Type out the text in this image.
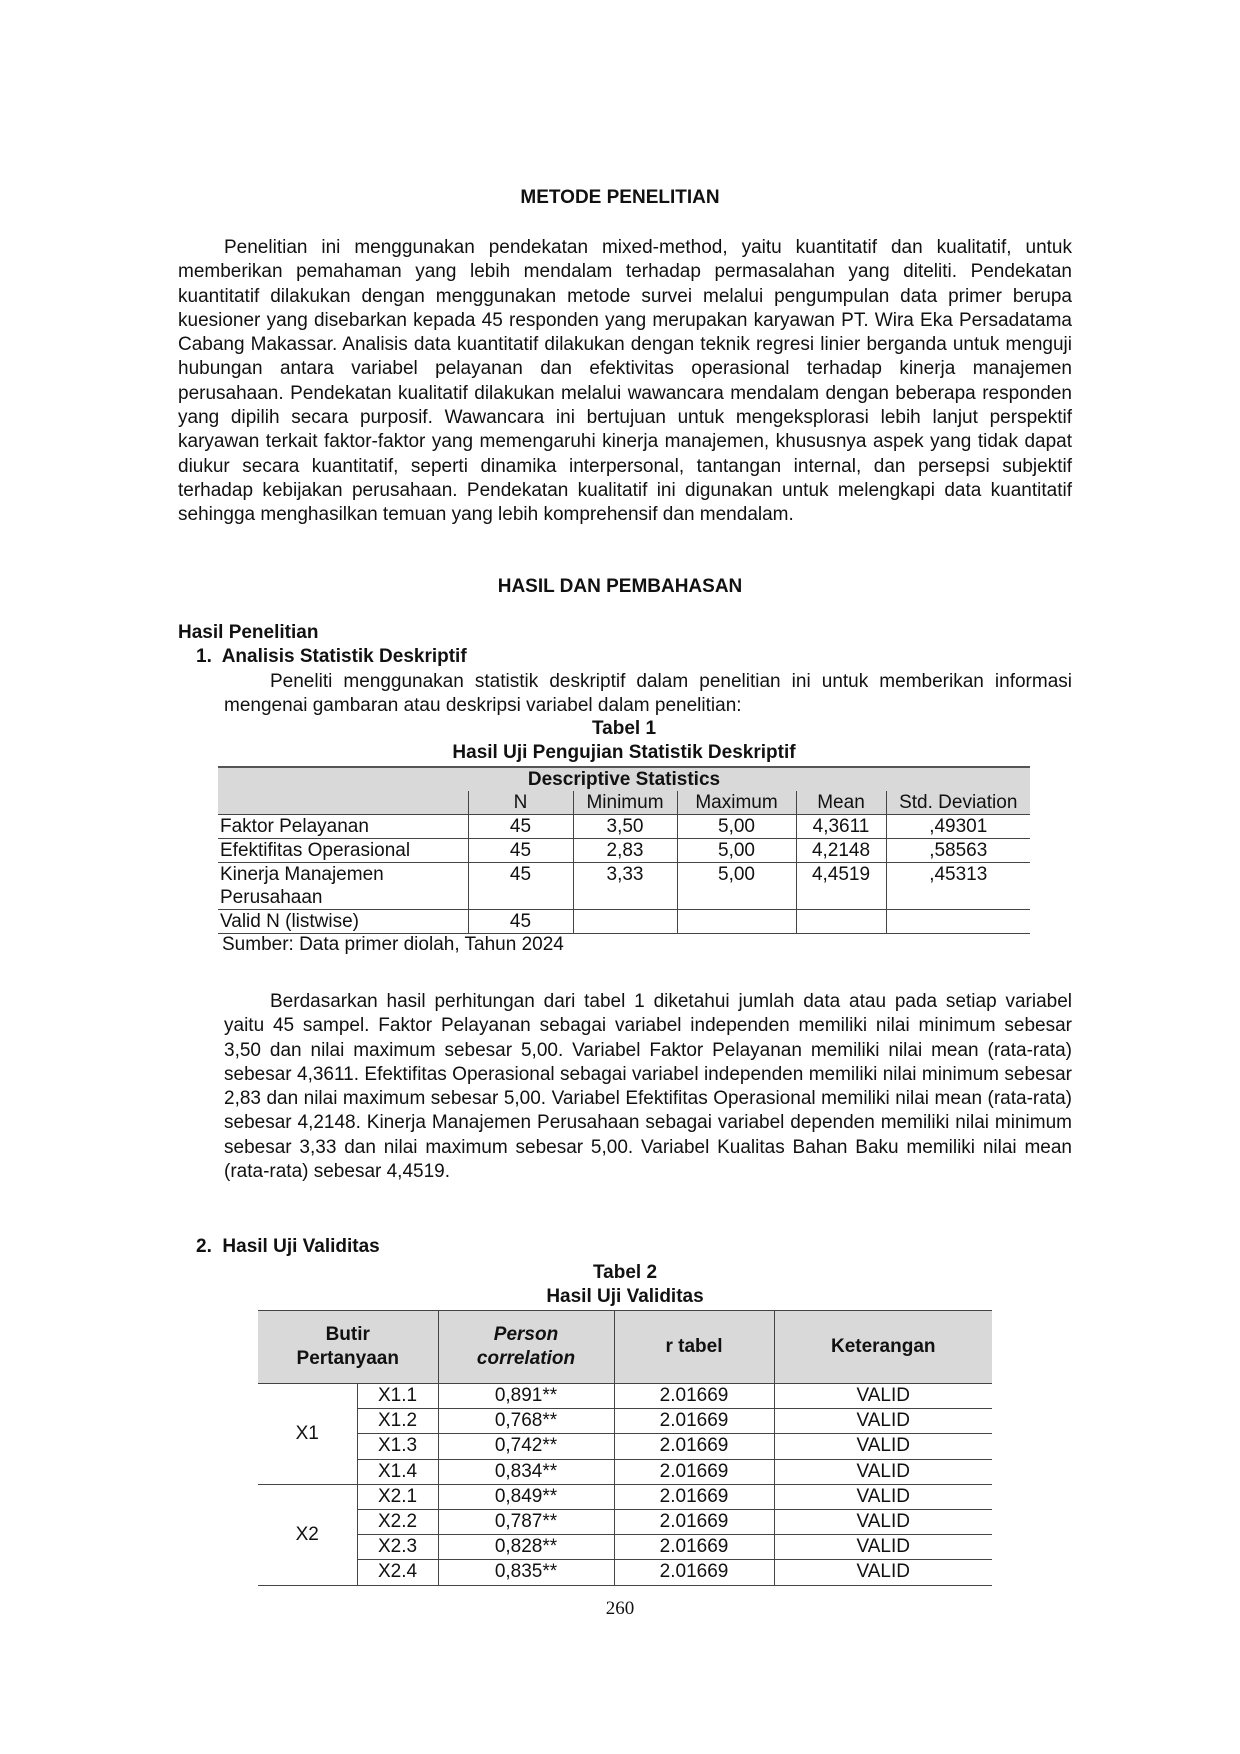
METODE PENELITIAN

Penelitian ini menggunakan pendekatan mixed-method, yaitu kuantitatif dan kualitatif, untuk memberikan pemahaman yang lebih mendalam terhadap permasalahan yang diteliti. Pendekatan kuantitatif dilakukan dengan menggunakan metode survei melalui pengumpulan data primer berupa kuesioner yang disebarkan kepada 45 responden yang merupakan karyawan PT. Wira Eka Persadatama Cabang Makassar. Analisis data kuantitatif dilakukan dengan teknik regresi linier berganda untuk menguji hubungan antara variabel pelayanan dan efektivitas operasional terhadap kinerja manajemen perusahaan. Pendekatan kualitatif dilakukan melalui wawancara mendalam dengan beberapa responden yang dipilih secara purposif. Wawancara ini bertujuan untuk mengeksplorasi lebih lanjut perspektif karyawan terkait faktor-faktor yang memengaruhi kinerja manajemen, khususnya aspek yang tidak dapat diukur secara kuantitatif, seperti dinamika interpersonal, tantangan internal, dan persepsi subjektif terhadap kebijakan perusahaan. Pendekatan kualitatif ini digunakan untuk melengkapi data kuantitatif sehingga menghasilkan temuan yang lebih komprehensif dan mendalam.

HASIL DAN PEMBAHASAN
Hasil Penelitian
1.  Analisis Statistik Deskriptif

Peneliti menggunakan statistik deskriptif dalam penelitian ini untuk memberikan informasi mengenai gambaran atau deskripsi variabel dalam penelitian:

Tabel 1
Hasil Uji Pengujian Statistik Deskriptif
Descriptive Statistics					
	N	Minimum	Maximum	Mean	Std. Deviation
Faktor Pelayanan	45	3,50	5,00	4,3611	,49301
Efektifitas Operasional	45	2,83	5,00	4,2148	,58563
Kinerja Manajemen Perusahaan	45	3,33	5,00	4,4519	,45313
Valid N (listwise)	45				
Sumber: Data primer diolah, Tahun 2024

Berdasarkan hasil perhitungan dari tabel 1 diketahui jumlah data atau pada setiap variabel yaitu 45 sampel. Faktor Pelayanan sebagai variabel independen memiliki nilai minimum sebesar 3,50 dan nilai maximum sebesar 5,00. Variabel Faktor Pelayanan memiliki nilai mean (rata-rata) sebesar 4,3611. Efektifitas Operasional sebagai variabel independen memiliki nilai minimum sebesar 2,83 dan nilai maximum sebesar 5,00. Variabel Efektifitas Operasional memiliki nilai mean (rata-rata) sebesar 4,2148. Kinerja Manajemen Perusahaan sebagai variabel dependen memiliki nilai minimum sebesar 3,33 dan nilai maximum sebesar 5,00. Variabel Kualitas Bahan Baku memiliki nilai mean (rata-rata) sebesar 4,4519.

2.  Hasil Uji Validitas
Tabel 2
Hasil Uji Validitas
Butir Pertanyaan		Person correlation	r tabel	Keterangan
X1	X1.1	0,891**	2.01669	VALID
	X1.2	0,768**	2.01669	VALID
	X1.3	0,742**	2.01669	VALID
	X1.4	0,834**	2.01669	VALID
X2	X2.1	0,849**	2.01669	VALID
	X2.2	0,787**	2.01669	VALID
	X2.3	0,828**	2.01669	VALID
	X2.4	0,835**	2.01669	VALID
260
